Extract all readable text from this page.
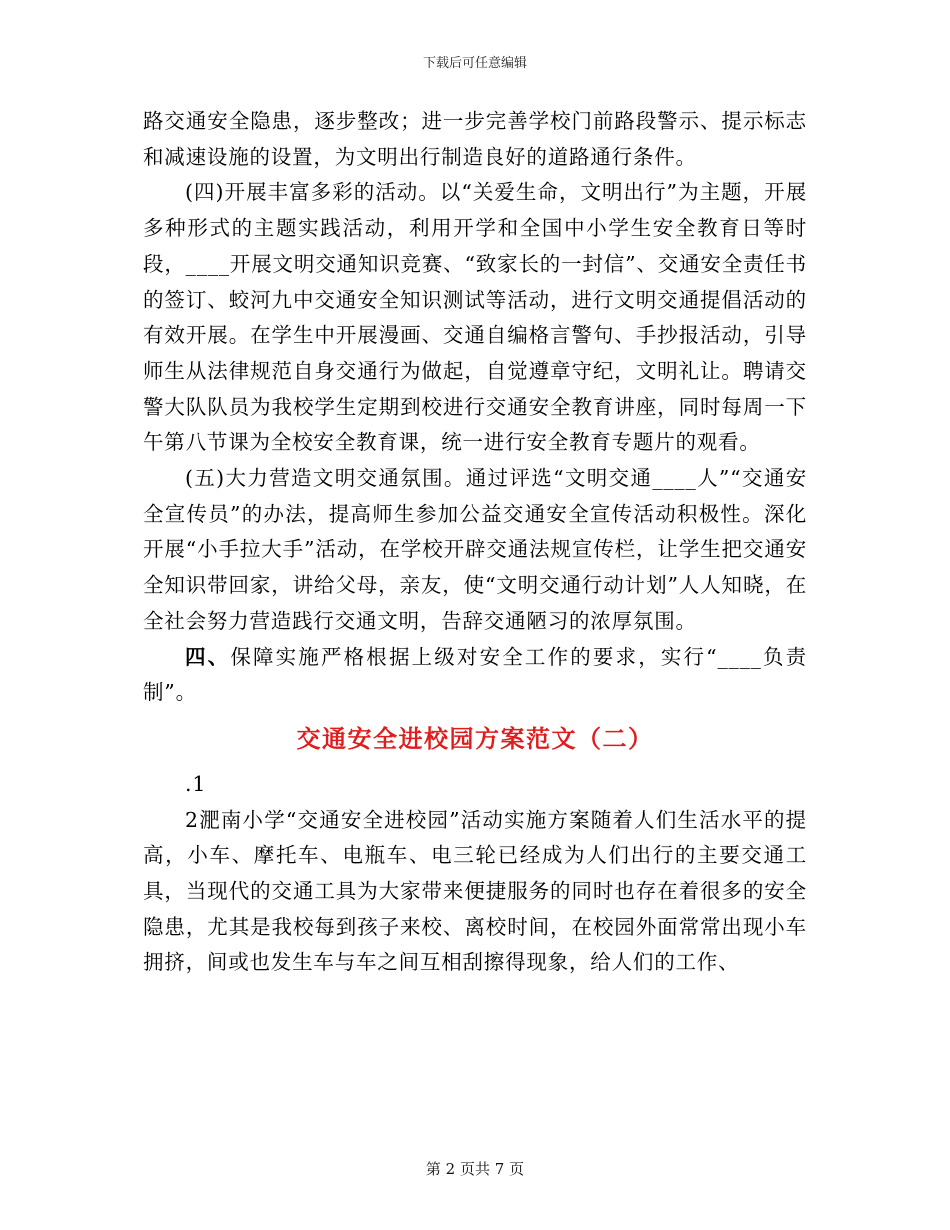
下载后可任意编辑

路交通安全隐患，逐步整改；进一步完善学校门前路段警示、提示标志和减速设施的设置，为文明出行制造良好的道路通行条件。

(四)开展丰富多彩的活动。以“关爱生命，文明出行”为主题，开展多种形式的主题实践活动，利用开学和全国中小学生安全教育日等时段，____开展文明交通知识竞赛、“致家长的一封信”、交通安全责任书的签订、蛟河九中交通安全知识测试等活动，进行文明交通提倡活动的有效开展。在学生中开展漫画、交通自编格言警句、手抄报活动，引导师生从法律规范自身交通行为做起，自觉遵章守纪，文明礼让。聘请交警大队队员为我校学生定期到校进行交通安全教育讲座，同时每周一下午第八节课为全校安全教育课，统一进行安全教育专题片的观看。

(五)大力营造文明交通氛围。通过评选“文明交通____人”“交通安全宣传员”的办法，提高师生参加公益交通安全宣传活动积极性。深化开展“小手拉大手”活动，在学校开辟交通法规宣传栏，让学生把交通安全知识带回家，讲给父母，亲友，使“文明交通行动计划”人人知晓，在全社会努力营造践行交通文明，告辞交通陋习的浓厚氛围。

四、保障实施严格根据上级对安全工作的要求，实行“____负责制”。

交通安全进校园方案范文（二）

.1

2淝南小学“交通安全进校园”活动实施方案随着人们生活水平的提高，小车、摩托车、电瓶车、电三轮已经成为人们出行的主要交通工具，当现代的交通工具为大家带来便捷服务的同时也存在着很多的安全隐患，尤其是我校每到孩子来校、离校时间，在校园外面常常出现小车拥挤，间或也发生车与车之间互相刮擦得现象，给人们的工作、

第 2 页共 7 页
